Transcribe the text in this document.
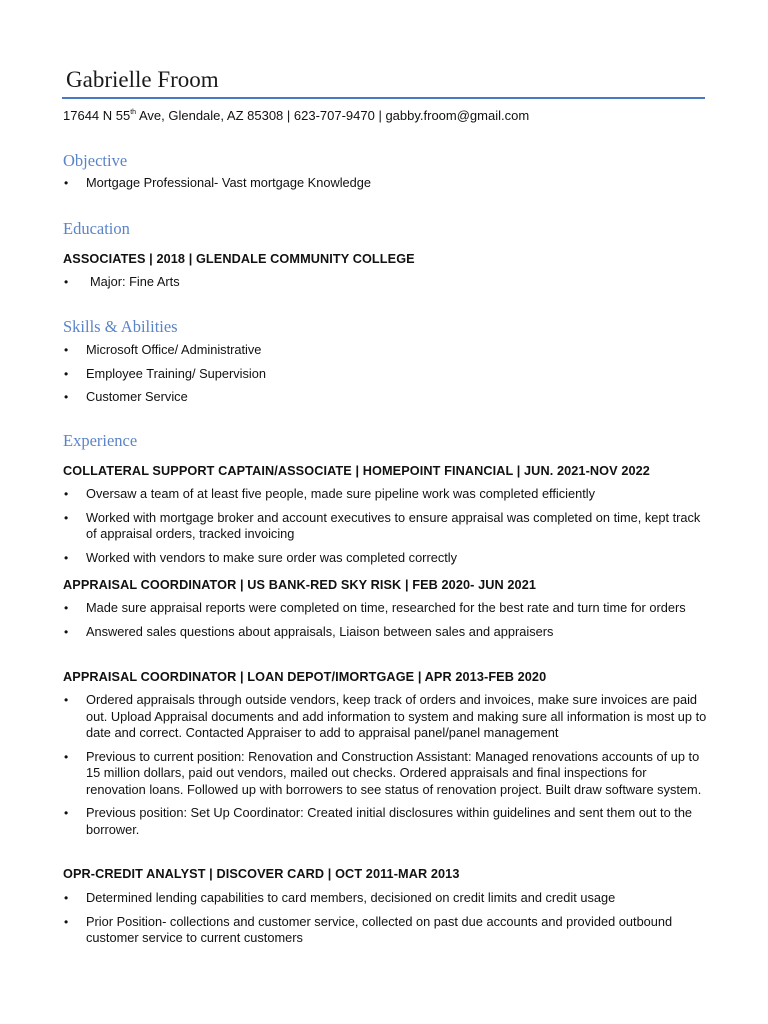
Gabrielle Froom
17644 N 55th Ave, Glendale, AZ 85308 | 623-707-9470 | gabby.froom@gmail.com
Objective
• Mortgage Professional- Vast mortgage Knowledge
Education
ASSOCIATES | 2018 | GLENDALE COMMUNITY COLLEGE
• Major: Fine Arts
Skills & Abilities
• Microsoft Office/ Administrative
• Employee Training/ Supervision
• Customer Service
Experience
COLLATERAL SUPPORT CAPTAIN/ASSOCIATE | HOMEPOINT FINANCIAL | JUN. 2021-NOV 2022
• Oversaw a team of at least five people, made sure pipeline work was completed efficiently
• Worked with mortgage broker and account executives to ensure appraisal was completed on time, kept track of appraisal orders, tracked invoicing
• Worked with vendors to make sure order was completed correctly
APPRAISAL COORDINATOR | US BANK-RED SKY RISK | FEB 2020- JUN 2021
• Made sure appraisal reports were completed on time, researched for the best rate and turn time for orders
• Answered sales questions about appraisals, Liaison between sales and appraisers
APPRAISAL COORDINATOR | LOAN DEPOT/IMORTGAGE | APR 2013-FEB 2020
• Ordered appraisals through outside vendors, keep track of orders and invoices, make sure invoices are paid out. Upload Appraisal documents and add information to system and making sure all information is most up to date and correct. Contacted Appraiser to add to appraisal panel/panel management
• Previous to current position: Renovation and Construction Assistant: Managed renovations accounts of up to 15 million dollars, paid out vendors, mailed out checks. Ordered appraisals and final inspections for renovation loans. Followed up with borrowers to see status of renovation project. Built draw software system.
• Previous position: Set Up Coordinator: Created initial disclosures within guidelines and sent them out to the borrower.
OPR-CREDIT ANALYST | DISCOVER CARD | OCT 2011-MAR 2013
• Determined lending capabilities to card members, decisioned on credit limits and credit usage
• Prior Position- collections and customer service, collected on past due accounts and provided outbound customer service to current customers
